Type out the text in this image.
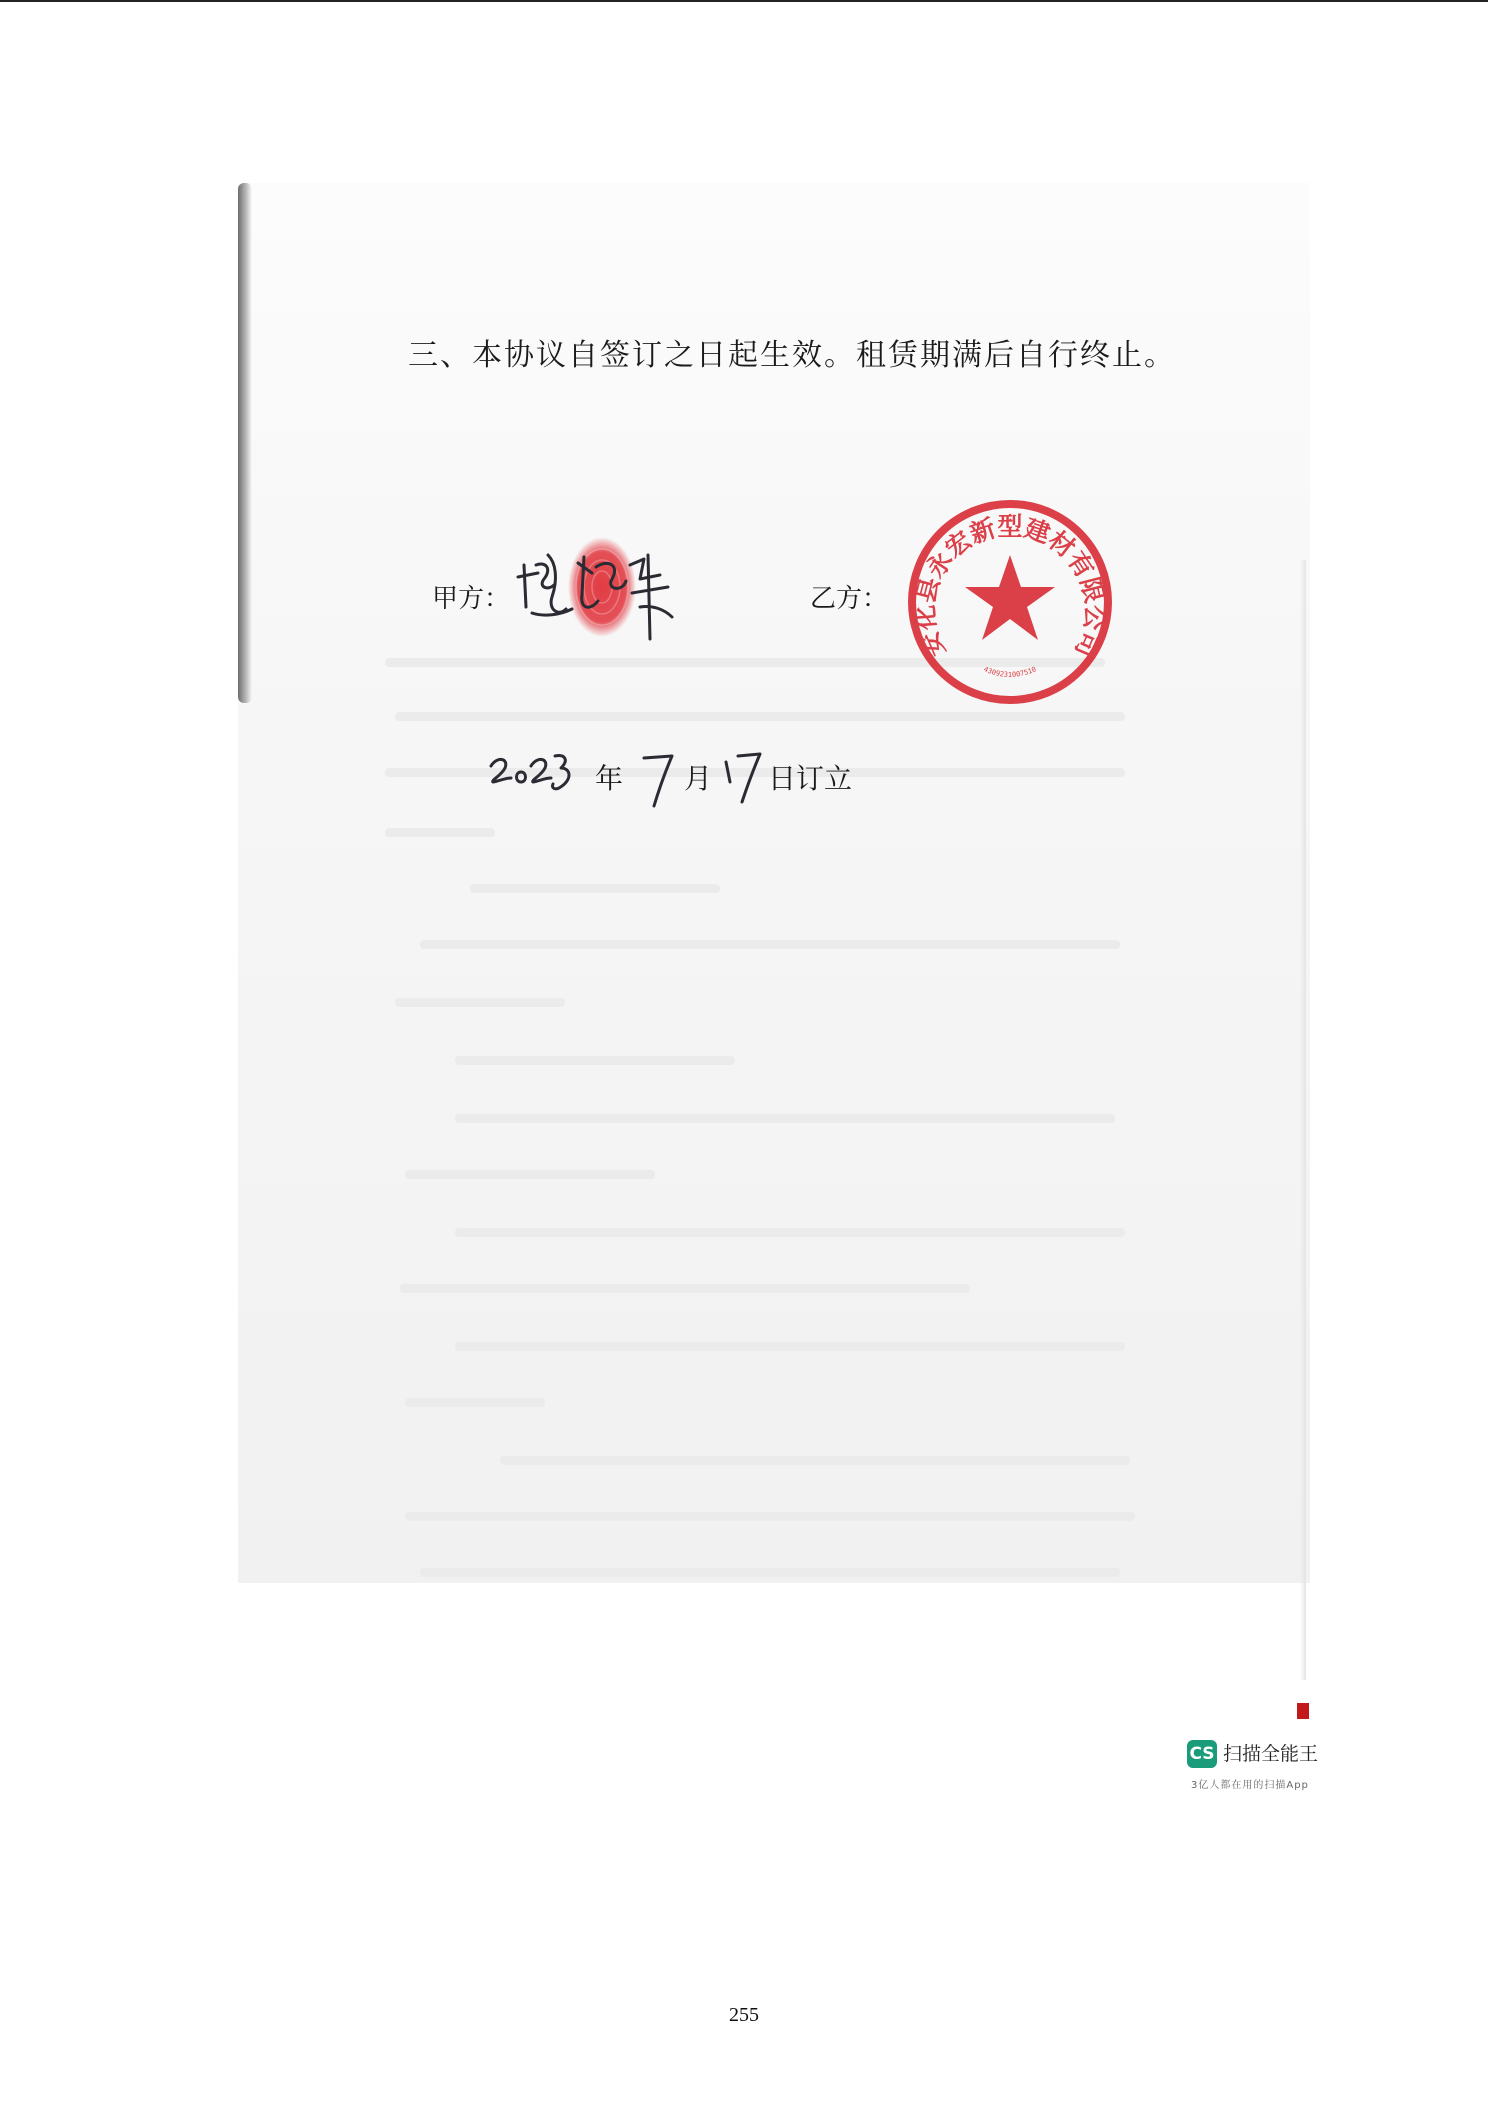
三、本协议自签订之日起生效。租赁期满后自行终止。
甲方：	乙方：
安化县永宏新型建材有限公司
4309231007510
年 月 日订立
CS 扫描全能王
3亿人都在用的扫描App
255
